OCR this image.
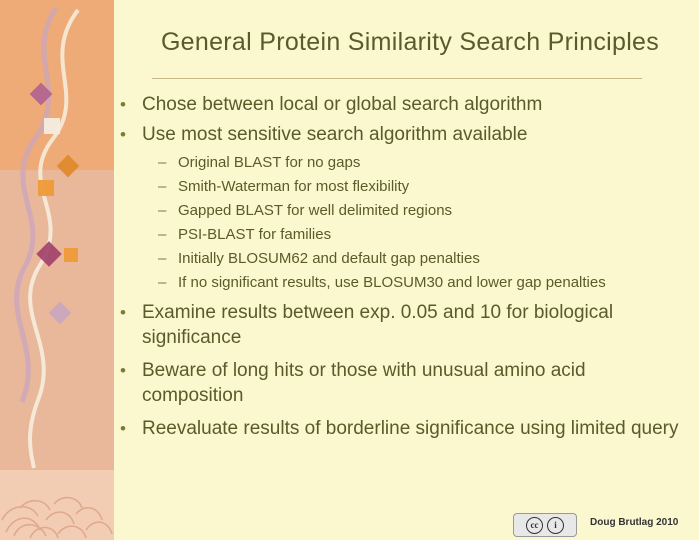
General Protein Similarity Search Principles
• Chose between local or global search algorithm
• Use most sensitive search algorithm available
– Original BLAST for no gaps
– Smith-Waterman for most flexibility
– Gapped BLAST for well delimited regions
– PSI-BLAST for families
– Initially BLOSUM62 and default gap penalties
– If no significant results, use BLOSUM30 and lower gap penalties
• Examine results between exp. 0.05 and 10 for biological significance
• Beware of long hits or those with unusual amino acid composition
• Reevaluate results of borderline significance using limited query
cc	i	Doug Brutlag 2010
